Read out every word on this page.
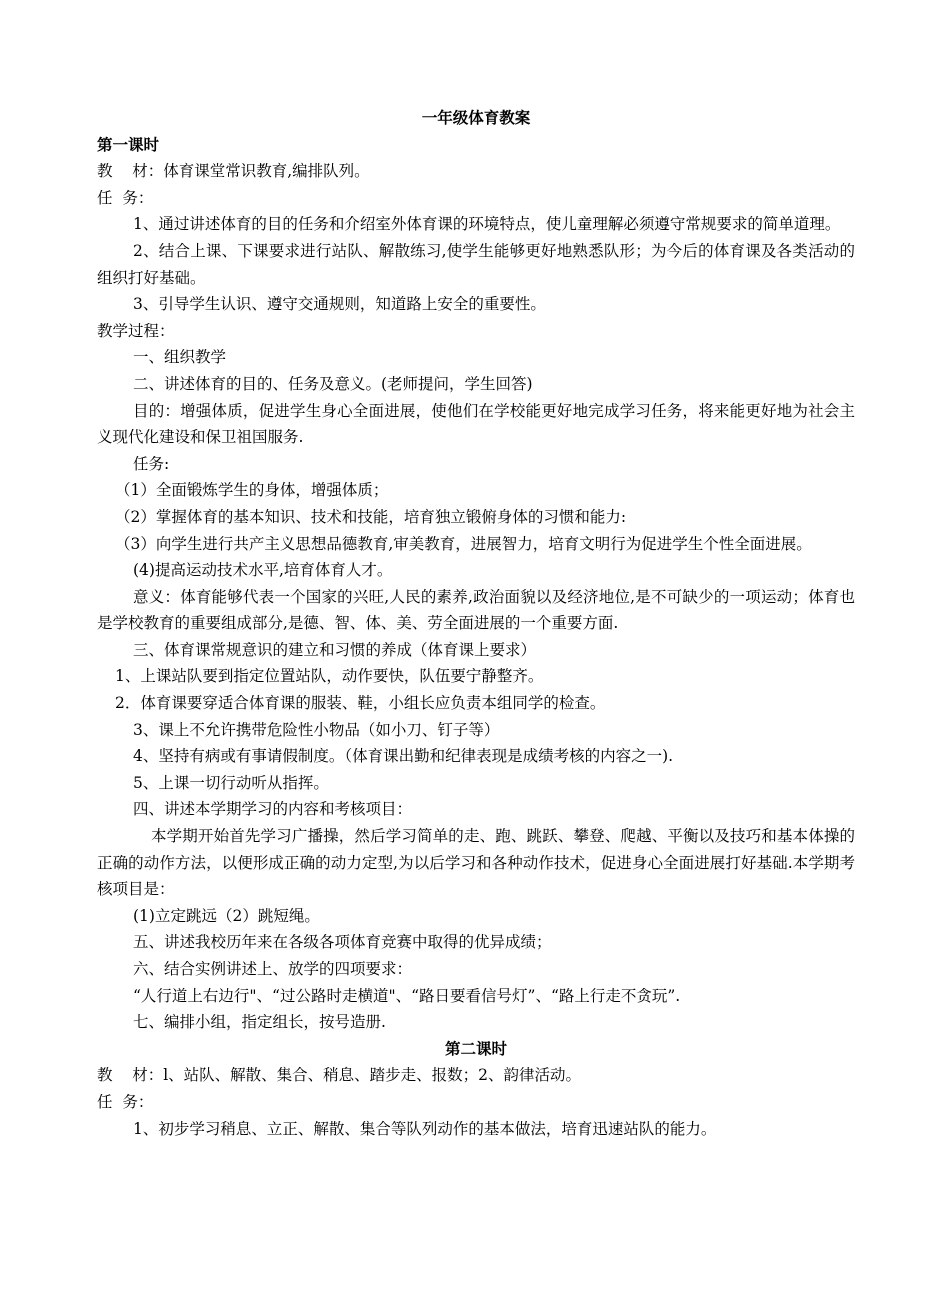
一年级体育教案
第一课时

教    材：体育课堂常识教育,编排队列。

任  务：

1、通过讲述体育的目的任务和介绍室外体育课的环境特点，使儿童理解必须遵守常规要求的简单道理。

2、结合上课、下课要求进行站队、解散练习,使学生能够更好地熟悉队形；为今后的体育课及各类活动的组织打好基础。

3、引导学生认识、遵守交通规则，知道路上安全的重要性。

教学过程：

一、组织教学

二、讲述体育的目的、任务及意义。(老师提问，学生回答)

目的：增强体质，促进学生身心全面进展，使他们在学校能更好地完成学习任务，将来能更好地为社会主义现代化建设和保卫祖国服务.

任务:

（1）全面锻炼学生的身体，增强体质；

（2）掌握体育的基本知识、技术和技能，培育独立锻俯身体的习惯和能力:

（3）向学生进行共产主义思想品德教育,审美教育，进展智力，培育文明行为促进学生个性全面进展。

(4)提高运动技术水平,培育体育人才。

意义：体育能够代表一个国家的兴旺,人民的素养,政治面貌以及经济地位,是不可缺少的一项运动；体育也是学校教育的重要组成部分,是德、智、体、美、劳全面进展的一个重要方面.

三、体育课常规意识的建立和习惯的养成（体育课上要求）

1、上课站队要到指定位置站队，动作要快，队伍要宁静整齐。

2．体育课要穿适合体育课的服装、鞋，小组长应负责本组同学的检查。

3、课上不允许携带危险性小物品（如小刀、钉子等）

4、坚持有病或有事请假制度。（体育课出勤和纪律表现是成绩考核的内容之一).

5、上课一切行动听从指挥。

四、讲述本学期学习的内容和考核项目：

本学期开始首先学习广播操，然后学习简单的走、跑、跳跃、攀登、爬越、平衡以及技巧和基本体操的正确的动作方法，以便形成正确的动力定型,为以后学习和各种动作技术，促进身心全面进展打好基础.本学期考核项目是：

(1)立定跳远（2）跳短绳。

五、讲述我校历年来在各级各项体育竞赛中取得的优异成绩；

六、结合实例讲述上、放学的四项要求：

“人行道上右边行"、“过公路时走横道"、“路日要看信号灯”、“路上行走不贪玩”.

七、编排小组，指定组长，按号造册.

第二课时

教    材：l、站队、解散、集合、稍息、踏步走、报数；2、韵律活动。

任  务：

1、初步学习稍息、立正、解散、集合等队列动作的基本做法，培育迅速站队的能力。
